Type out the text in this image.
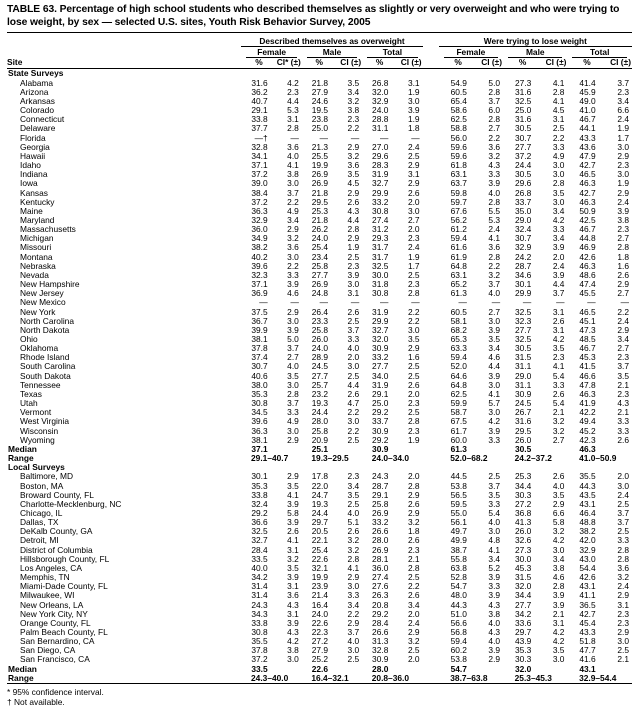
TABLE 63. Percentage of high school students who described themselves as slightly or very overweight and who were trying to lose weight, by sex — selected U.S. sites, Youth Risk Behavior Survey, 2005
	Described themselves as overweight							Were trying to lose weight					

	Female		Male		Total			Female		Male		Total	

Site	%	CI* (±)	%	CI (±)	%	CI (±)		%	CI (±)	%	CI (±)	%	CI (±)
State Surveys													
Alabama	31.6	4.2	21.8	3.5	26.8	3.1		54.9	5.0	27.3	4.1	41.4	3.7
Arizona	36.2	2.3	27.9	3.4	32.0	1.9		60.5	2.8	31.6	2.8	45.9	2.3
Arkansas	40.7	4.4	24.6	3.2	32.9	3.0		65.4	3.7	32.5	4.1	49.0	3.4
Colorado	29.1	5.3	19.5	3.8	24.0	3.9		58.6	6.0	25.0	4.5	41.0	6.6
Connecticut	33.8	3.1	23.8	2.3	28.8	1.9		62.5	2.8	31.6	3.1	46.7	2.4
Delaware	37.7	2.8	25.0	2.2	31.1	1.8		58.8	2.7	30.5	2.5	44.1	1.9
Florida	—†	—	—	—	—	—		56.0	2.2	30.7	2.2	43.3	1.7
Georgia	32.8	3.6	21.3	2.9	27.0	2.4		59.6	3.6	27.7	3.3	43.6	3.0
Hawaii	34.1	4.0	25.5	3.2	29.6	2.5		59.6	3.2	37.2	4.9	47.9	2.9
Idaho	37.1	4.1	19.9	3.6	28.3	2.9		61.8	4.3	24.4	3.0	42.7	2.3
Indiana	37.2	3.8	26.9	3.5	31.9	3.1		63.1	3.3	30.5	3.0	46.5	3.0
Iowa	39.0	3.0	26.9	4.5	32.7	2.9		63.7	3.9	29.6	2.8	46.3	1.9
Kansas	38.4	3.7	21.8	2.9	29.9	2.6		59.8	4.0	26.8	3.5	42.7	2.9
Kentucky	37.2	2.2	29.5	2.6	33.2	2.0		59.7	2.8	33.7	3.0	46.3	2.4
Maine	36.3	4.9	25.3	4.3	30.8	3.0		67.6	5.5	35.0	3.4	50.9	3.9
Maryland	32.9	3.4	21.8	4.4	27.4	2.7		56.2	5.3	29.0	4.2	42.5	3.8
Massachusetts	36.0	2.9	26.2	2.8	31.2	2.0		61.2	2.4	32.4	3.3	46.7	2.3
Michigan	34.9	3.2	24.0	2.9	29.3	2.3		59.4	4.1	30.7	3.4	44.8	2.7
Missouri	38.2	3.6	25.4	1.9	31.7	2.4		61.6	3.6	32.9	3.9	46.9	2.8
Montana	40.2	3.0	23.4	2.5	31.7	1.9		61.9	2.8	24.2	2.0	42.6	1.8
Nebraska	39.6	2.2	25.8	2.3	32.5	1.7		64.8	2.2	28.7	2.4	46.3	1.6
Nevada	32.3	3.3	27.7	3.9	30.0	2.5		63.1	3.2	34.6	3.9	48.6	2.6
New Hampshire	37.1	3.9	26.9	3.0	31.8	2.3		65.2	3.7	30.1	4.4	47.4	2.9
New Jersey	36.9	4.6	24.8	3.1	30.8	2.8		61.3	4.0	29.9	3.7	45.5	2.7
New Mexico	—	—	—	—	—	—		—	—	—	—	—	—
New York	37.5	2.9	26.4	2.6	31.9	2.2		60.5	2.7	32.5	3.1	46.5	2.2
North Carolina	36.7	3.0	23.3	2.5	29.9	2.2		58.1	3.0	32.3	2.6	45.1	2.4
North Dakota	39.9	3.9	25.8	3.7	32.7	3.0		68.2	3.9	27.7	3.1	47.3	2.9
Ohio	38.1	5.0	26.0	3.3	32.0	3.5		65.3	3.5	32.5	4.2	48.5	3.4
Oklahoma	37.8	3.7	24.0	4.0	30.9	2.9		63.3	3.4	30.5	3.5	46.7	2.7
Rhode Island	37.4	2.7	28.9	2.0	33.2	1.6		59.4	4.6	31.5	2.3	45.3	2.3
South Carolina	30.7	4.0	24.5	3.0	27.7	2.5		52.0	4.4	31.1	4.1	41.5	3.7
South Dakota	40.6	3.5	27.7	2.5	34.0	2.5		64.6	3.9	29.0	5.4	46.6	3.5
Tennessee	38.0	3.0	25.7	4.4	31.9	2.6		64.8	3.0	31.1	3.3	47.8	2.1
Texas	35.3	2.8	23.2	2.6	29.1	2.0		62.5	4.1	30.9	2.6	46.3	2.3
Utah	30.8	3.7	19.3	4.7	25.0	2.3		59.9	5.7	24.5	5.4	41.9	4.3
Vermont	34.5	3.3	24.4	2.2	29.2	2.5		58.7	3.0	26.7	2.1	42.2	2.1
West Virginia	39.6	4.9	28.0	3.0	33.7	2.8		67.5	4.2	31.6	3.2	49.4	3.3
Wisconsin	36.3	3.0	25.8	2.2	30.9	2.3		61.7	3.9	29.5	3.2	45.2	3.3
Wyoming	38.1	2.9	20.9	2.5	29.2	1.9		60.0	3.3	26.0	2.7	42.3	2.6
Median	37.1		25.1		30.9			61.3		30.5		46.3	
Range	29.1–40.7		19.3–29.5		24.0–34.0			52.0–68.2		24.2–37.2		41.0–50.9	
Local Surveys													
Baltimore, MD	30.1	2.9	17.8	2.3	24.3	2.0		44.5	2.5	25.3	2.6	35.5	2.0
Boston, MA	35.3	3.5	22.0	3.4	28.7	2.8		53.8	3.7	34.4	4.0	44.3	3.0
Broward County, FL	33.8	4.1	24.7	3.5	29.1	2.9		56.5	3.5	30.3	3.5	43.5	2.4
Charlotte-Mecklenburg, NC	32.4	3.9	19.3	2.5	25.8	2.6		59.5	3.3	27.2	2.9	43.1	2.5
Chicago, IL	29.2	5.8	24.4	4.0	26.9	2.9		55.0	5.4	36.8	6.6	46.4	3.7
Dallas, TX	36.6	3.9	29.7	5.1	33.2	3.2		56.1	4.0	41.3	5.8	48.8	3.7
DeKalb County, GA	32.5	2.6	20.5	2.6	26.6	1.8		49.7	3.0	26.0	3.2	38.2	2.5
Detroit, MI	32.7	4.1	22.1	3.2	28.0	2.6		49.9	4.8	32.6	4.2	42.0	3.3
District of Columbia	28.4	3.1	25.4	3.2	26.9	2.3		38.7	4.1	27.3	3.0	32.9	2.8
Hillsborough County, FL	33.5	3.2	22.6	2.8	28.1	2.1		55.8	3.4	30.0	3.4	43.0	2.8
Los Angeles, CA	40.0	3.5	32.1	4.1	36.0	2.8		63.8	5.2	45.3	3.8	54.4	3.6
Memphis, TN	34.2	3.9	19.9	2.9	27.4	2.5		52.8	3.9	31.5	4.6	42.6	3.2
Miami-Dade County, FL	31.4	3.1	23.9	3.0	27.6	2.2		54.7	3.3	32.0	2.8	43.1	2.4
Milwaukee, WI	31.4	3.6	21.4	3.3	26.3	2.6		48.0	3.9	34.4	3.9	41.1	2.9
New Orleans, LA	24.3	4.3	16.4	3.4	20.8	3.4		44.3	4.3	27.7	3.9	36.5	3.1
New York City, NY	34.3	3.1	24.0	2.2	29.2	2.0		51.0	3.8	34.2	2.1	42.7	2.3
Orange County, FL	33.8	3.9	22.6	2.9	28.4	2.4		56.6	4.0	33.6	3.1	45.4	2.3
Palm Beach County, FL	30.8	4.3	22.3	3.7	26.6	2.9		56.8	4.3	29.7	4.2	43.3	2.9
San Bernardino, CA	35.5	4.2	27.2	4.0	31.3	3.2		59.4	4.0	43.9	4.2	51.8	3.0
San Diego, CA	37.8	3.8	27.9	3.0	32.8	2.5		60.2	3.9	35.3	3.5	47.7	2.5
San Francisco, CA	37.2	3.0	25.2	2.5	30.9	2.0		53.8	2.9	30.3	3.0	41.6	2.1
Median	33.5		22.6		28.0			54.7		32.0		43.1	
Range	24.3–40.0		16.4–32.1		20.8–36.0			38.7–63.8		25.3–45.3		32.9–54.4	
* 95% confidence interval.
† Not available.
